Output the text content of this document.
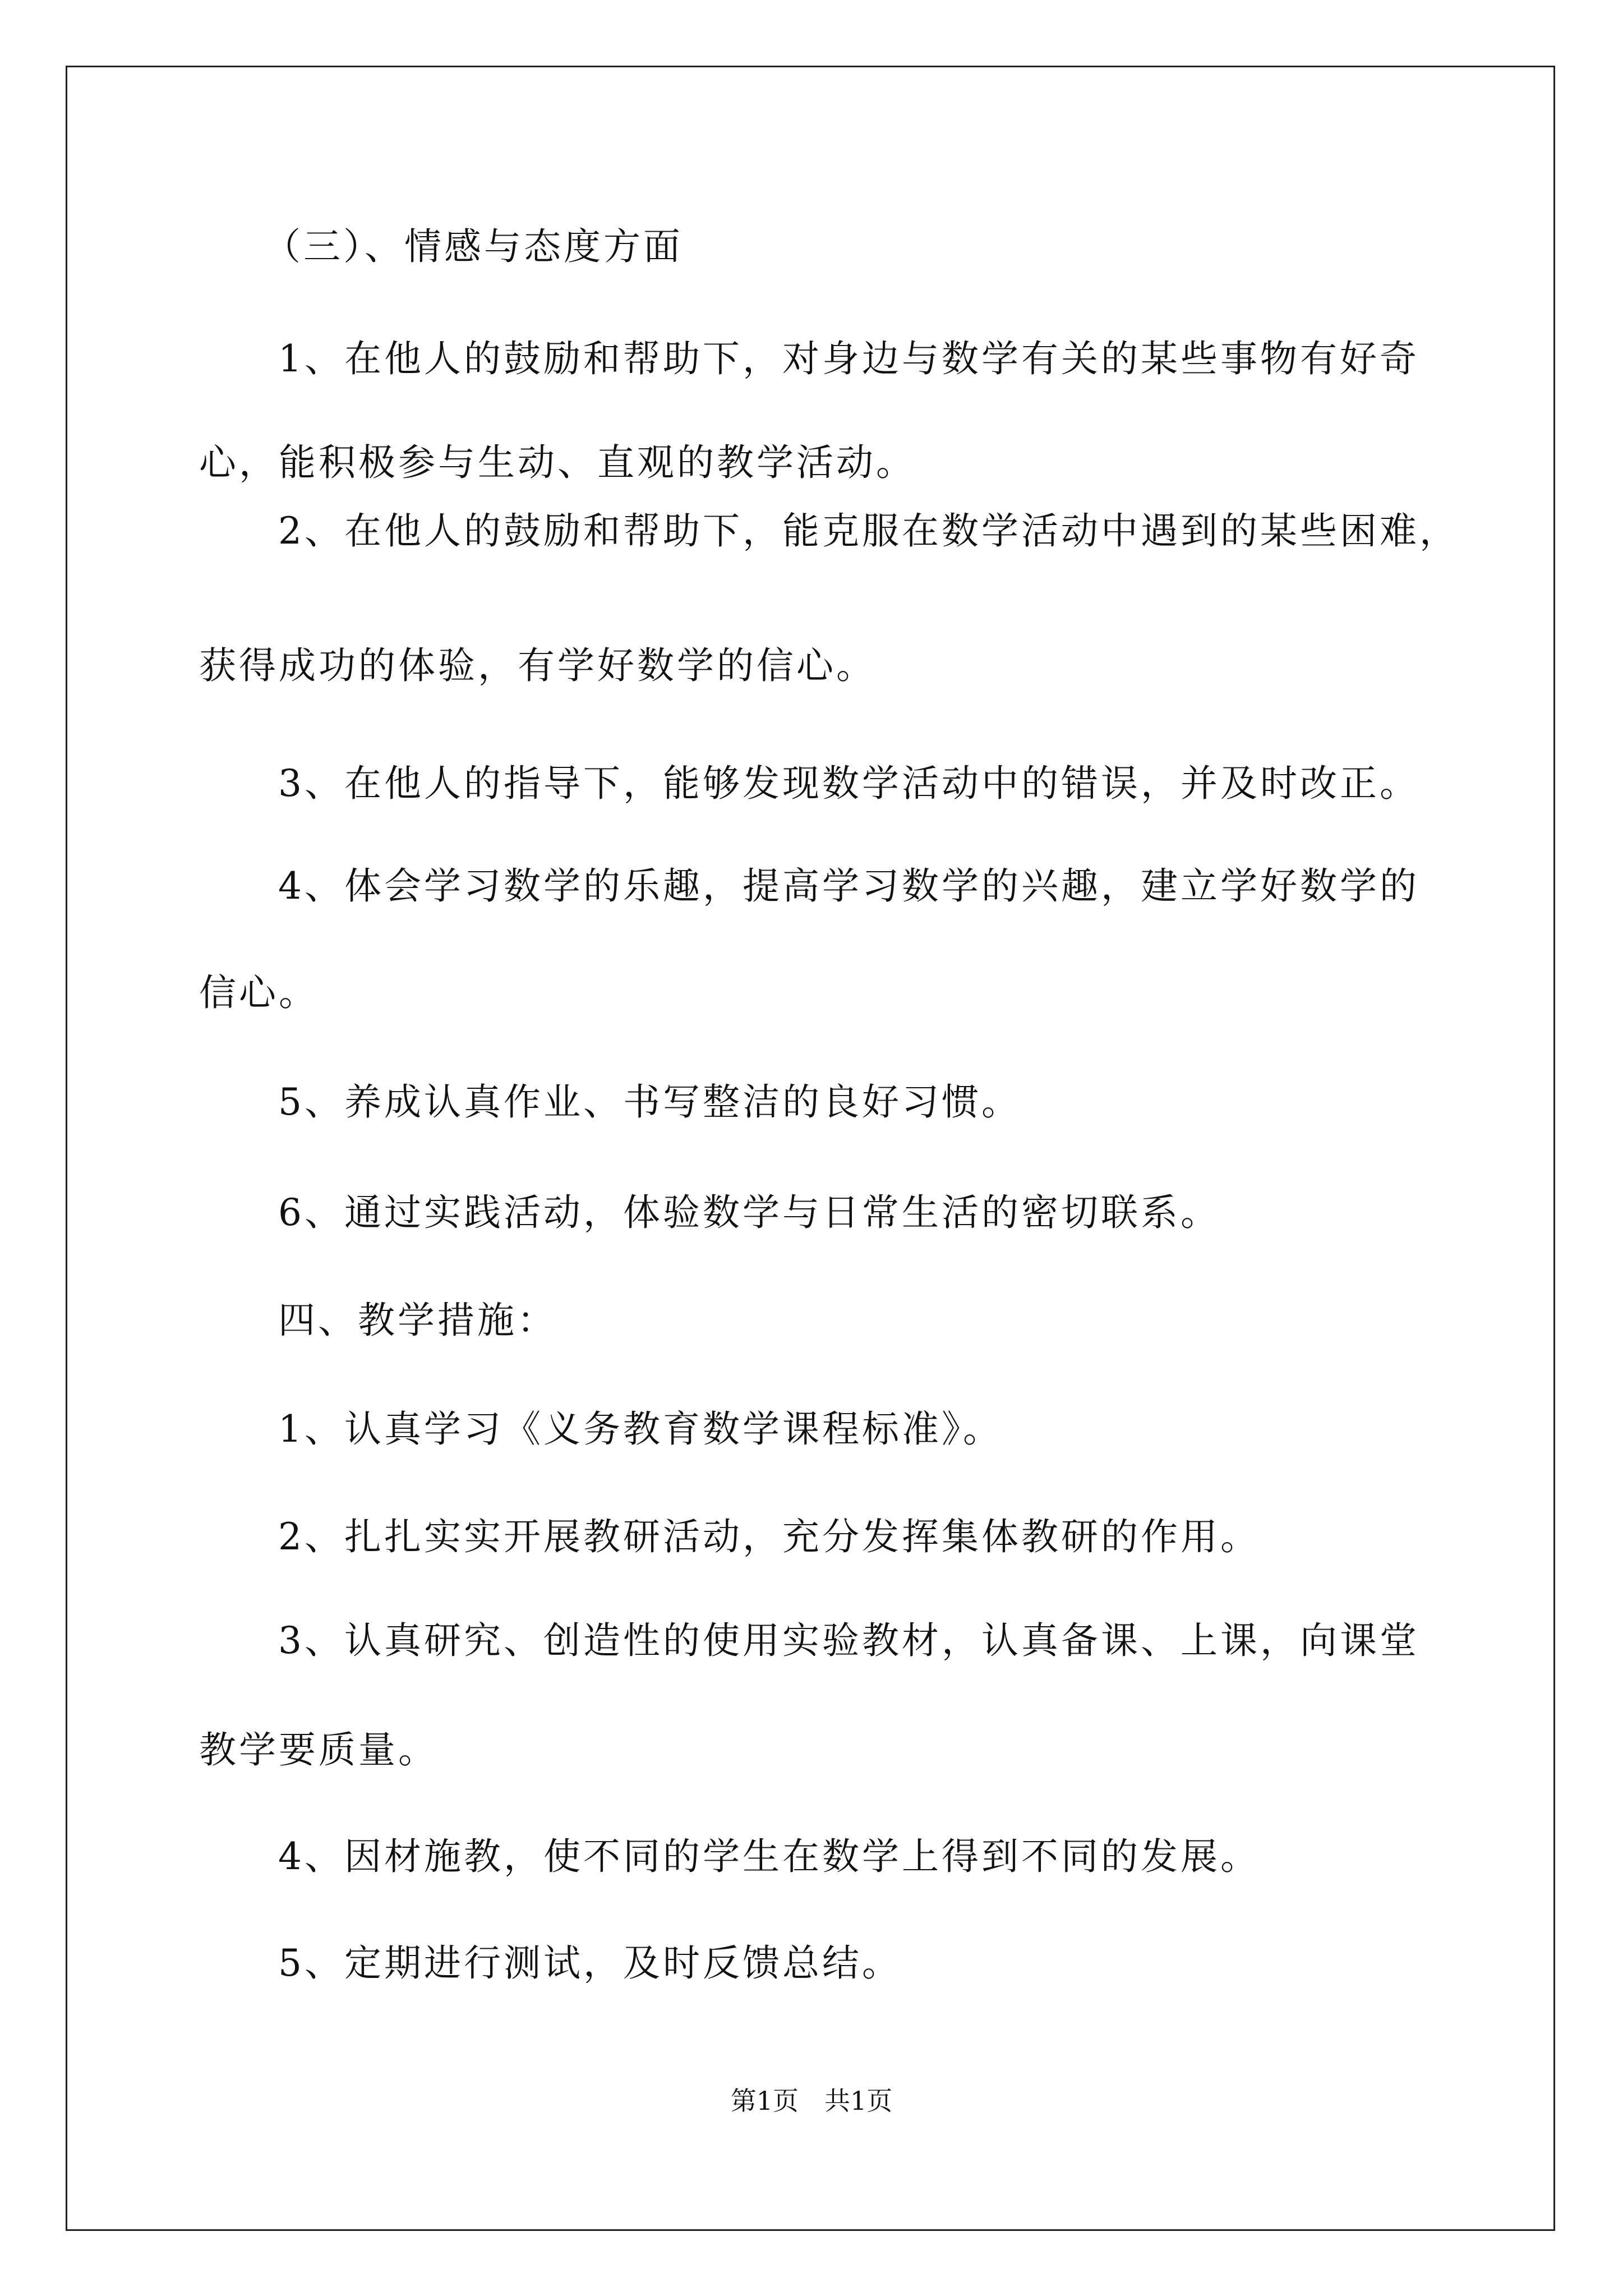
（三）、情感与态度方面

1、在他人的鼓励和帮助下，对身边与数学有关的某些事物有好奇

心，能积极参与生动、直观的教学活动。

2、在他人的鼓励和帮助下，能克服在数学活动中遇到的某些困难，

获得成功的体验，有学好数学的信心。

3、在他人的指导下，能够发现数学活动中的错误，并及时改正。

4、体会学习数学的乐趣，提高学习数学的兴趣，建立学好数学的

信心。

5、养成认真作业、书写整洁的良好习惯。

6、通过实践活动，体验数学与日常生活的密切联系。

四、教学措施：

1、认真学习《义务教育数学课程标准》。

2、扎扎实实开展教研活动，充分发挥集体教研的作用。

3、认真研究、创造性的使用实验教材，认真备课、上课，向课堂

教学要质量。

4、因材施教，使不同的学生在数学上得到不同的发展。

5、定期进行测试，及时反馈总结。

第1页　共1页
